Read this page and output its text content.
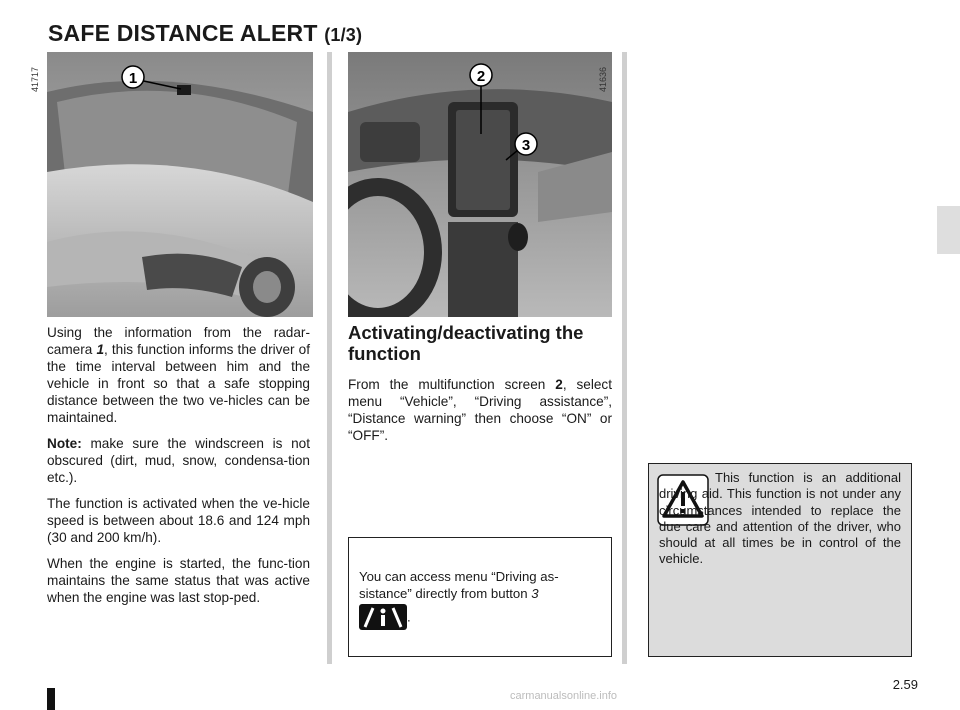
SAFE DISTANCE ALERT (1/3)
1
41717	2
3
41636

Using the information from the radar-camera 1, this function informs the driver of the time interval between him and the vehicle in front so that a safe stopping distance between the two ve-hicles can be maintained.

Note: make sure the windscreen is not obscured (dirt, mud, snow, condensa-tion etc.).

The function is activated when the ve-hicle speed is between about 18.6 and 124 mph (30 and 200 km/h).

When the engine is started, the func-tion maintains the same status that was active when the engine was last stop-ped.

Activating/deactivating the function

From the multifunction screen 2, select menu “Vehicle”, “Driving assistance”, “Distance warning” then choose “ON” or “OFF”.

You can access menu “Driving as-sistance” directly from button 3
.
This function is an additional driving aid. This function is not under any circumstances intended to replace the due care and attention of the driver, who should at all times be in control of the vehicle.
2.59
carmanualsonline.info
